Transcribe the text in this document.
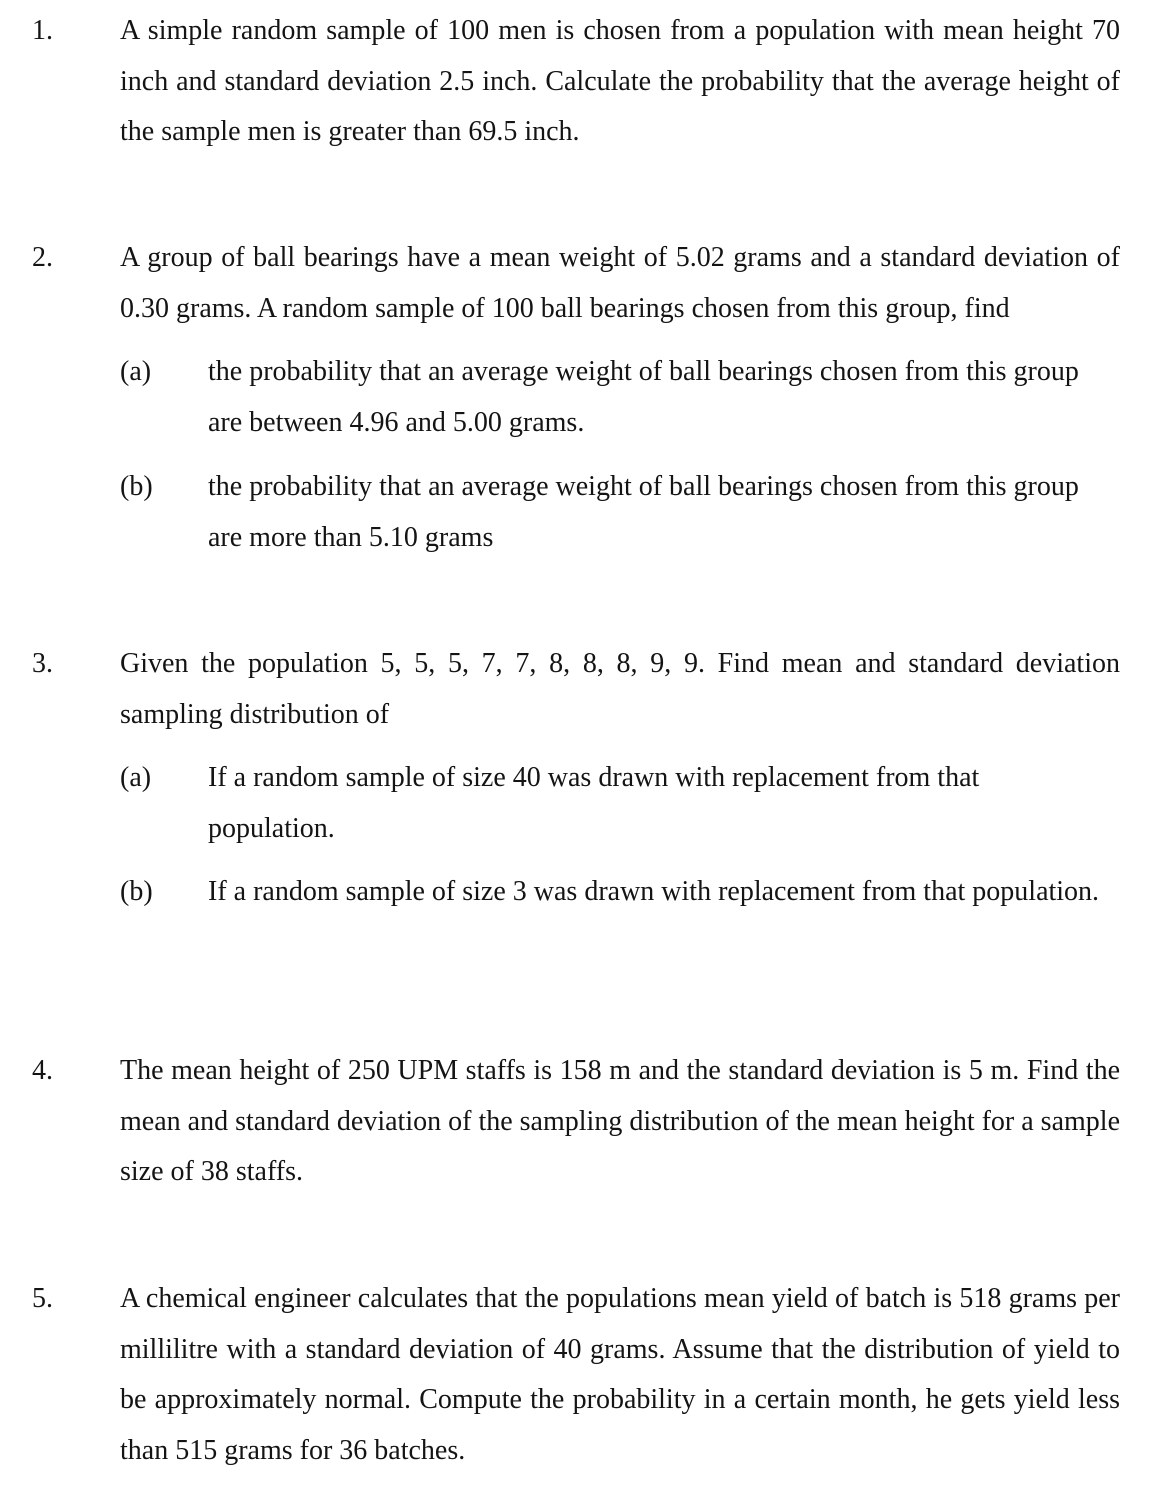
1. A simple random sample of 100 men is chosen from a population with mean height 70 inch and standard deviation 2.5 inch. Calculate the probability that the average height of the sample men is greater than 69.5 inch.
2. A group of ball bearings have a mean weight of 5.02 grams and a standard deviation of 0.30 grams. A random sample of 100 ball bearings chosen from this group, find
(a) the probability that an average weight of ball bearings chosen from this group are between 4.96 and 5.00 grams.
(b) the probability that an average weight of ball bearings chosen from this group are more than 5.10 grams
3. Given the population 5, 5, 5, 7, 7, 8, 8, 8, 9, 9. Find mean and standard deviation sampling distribution of
(a) If a random sample of size 40 was drawn with replacement from that population.
(b) If a random sample of size 3 was drawn with replacement from that population.
4. The mean height of 250 UPM staffs is 158 m and the standard deviation is 5 m. Find the mean and standard deviation of the sampling distribution of the mean height for a sample size of 38 staffs.
5. A chemical engineer calculates that the populations mean yield of batch is 518 grams per millilitre with a standard deviation of 40 grams. Assume that the distribution of yield to be approximately normal. Compute the probability in a certain month, he gets yield less than 515 grams for 36 batches.
